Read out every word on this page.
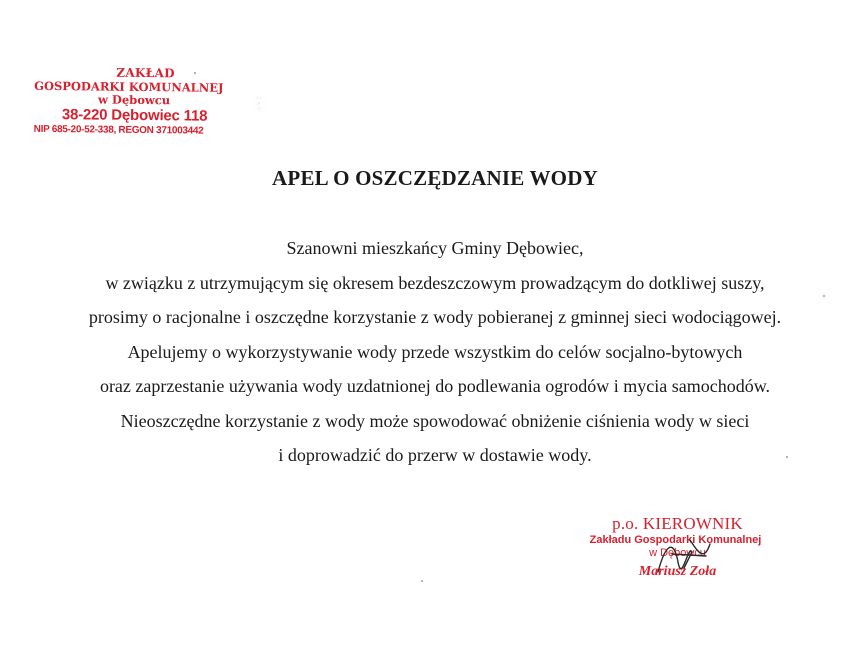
ZAKŁAD
GOSPODARKI KOMUNALNEJ
w Dębowcu
38-220 Dębowiec 118
NIP 685-20-52-338, REGON 371003442
· ·
:·
·:
APEL O OSZCZĘDZANIE WODY

Szanowni mieszkańcy Gminy Dębowiec,

w związku z utrzymującym się okresem bezdeszczowym prowadzącym do dotkliwej suszy,

prosimy o racjonalne i oszczędne korzystanie z wody pobieranej z gminnej sieci wodociągowej.

Apelujemy o wykorzystywanie wody przede wszystkim do celów socjalno-bytowych

oraz zaprzestanie używania wody uzdatnionej do podlewania ogrodów i mycia samochodów.

Nieoszczędne korzystanie z wody może spowodować obniżenie ciśnienia wody w sieci

i doprowadzić do przerw w dostawie wody.

p.o. KIEROWNIK
Zakładu Gospodarki Komunalnej
w Dębowcu
Mariusz Zoła
